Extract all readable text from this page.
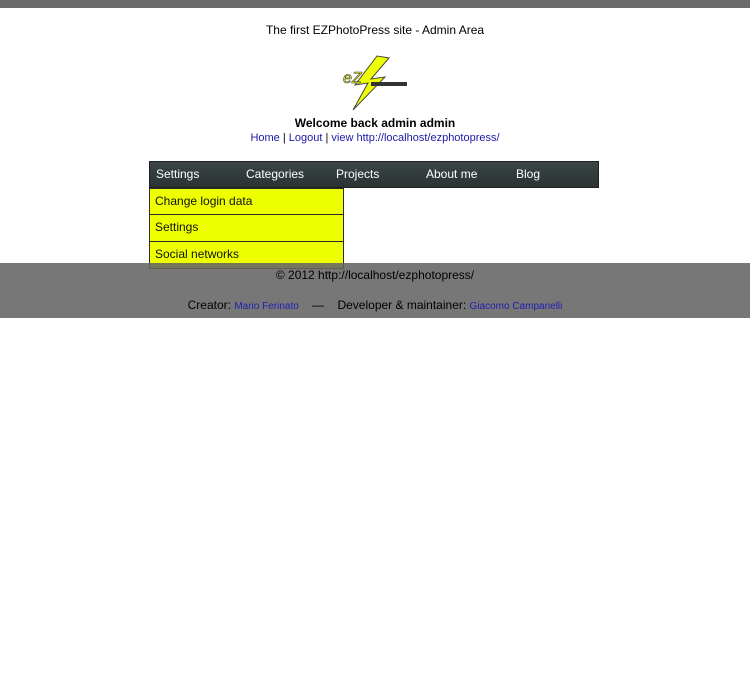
The first EZPhotoPress site - Admin Area
eZ
Welcome back admin admin
Home | Logout | view http://localhost/ezphotopress/
Settings	Categories	Projects	About me	Blog
Change login data
Settings
Social networks
© 2012 http://localhost/ezphotopress/
Creator: Mario Ferinato — Developer & maintainer: Giacomo Campanelli
